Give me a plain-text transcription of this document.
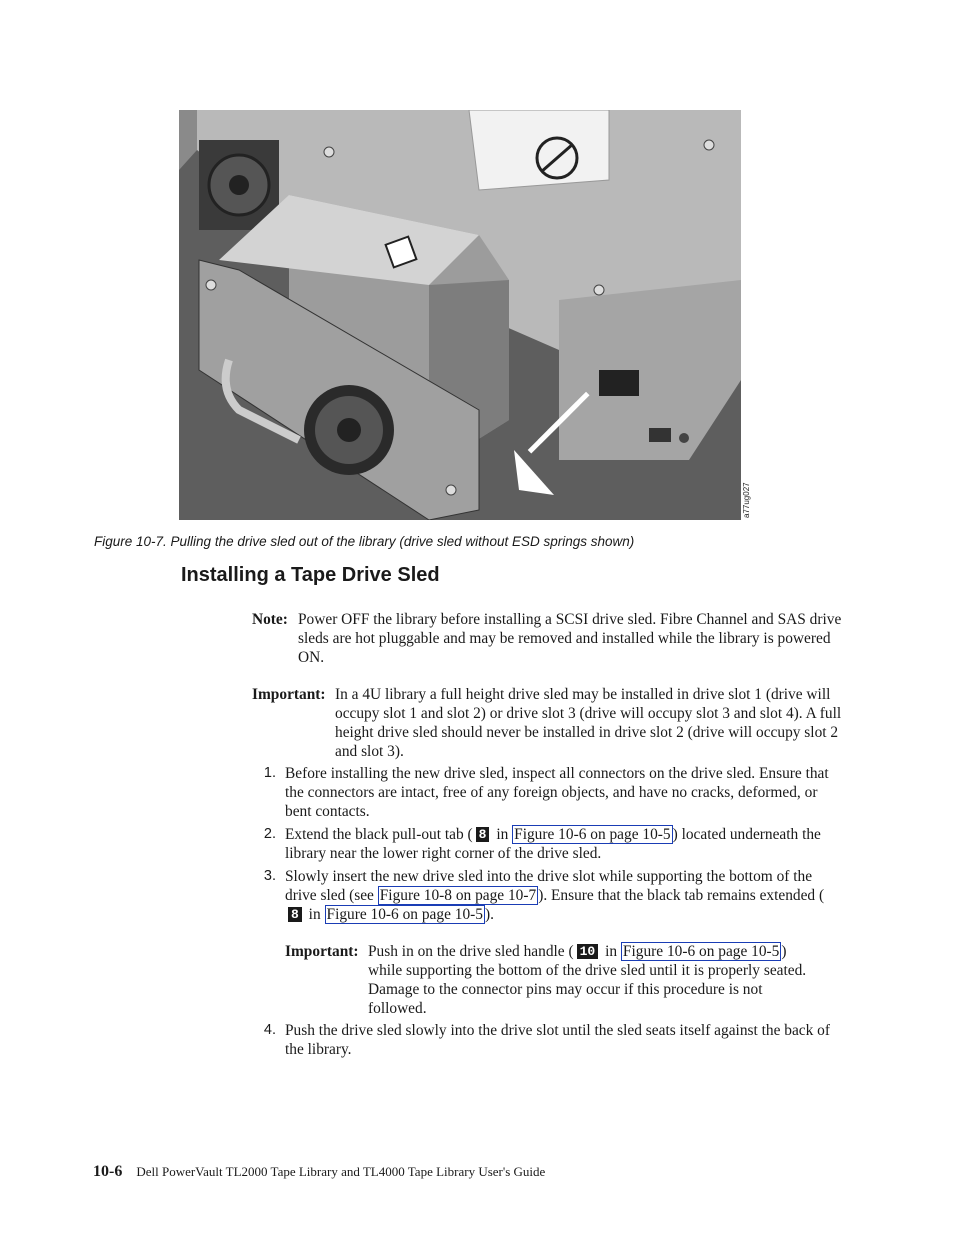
a77ug027
Figure 10-7. Pulling the drive sled out of the library (drive sled without ESD springs shown)
Installing a Tape Drive Sled
Note: Power OFF the library before installing a SCSI drive sled. Fibre Channel and SAS drive sleds are hot pluggable and may be removed and installed while the library is powered ON.
Important: In a 4U library a full height drive sled may be installed in drive slot 1 (drive will occupy slot 1 and slot 2) or drive slot 3 (drive will occupy slot 3 and slot 4). A full height drive sled should never be installed in drive slot 2 (drive will occupy slot 2 and slot 3).
1. Before installing the new drive sled, inspect all connectors on the drive sled. Ensure that the connectors are intact, free of any foreign objects, and have no cracks, deformed, or bent contacts.
2. Extend the black pull-out tab ( 8 in Figure 10-6 on page 10-5 ) located underneath the library near the lower right corner of the drive sled.
3. Slowly insert the new drive sled into the drive slot while supporting the bottom of the drive sled (see Figure 10-8 on page 10-7 ). Ensure that the black tab remains extended (8 in Figure 10-6 on page 10-5 ).
Important: Push in on the drive sled handle ( 10 in Figure 10-6 on page 10-5 ) while supporting the bottom of the drive sled until it is properly seated. Damage to the connector pins may occur if this procedure is not followed.
4. Push the drive sled slowly into the drive slot until the sled seats itself against the back of the library.
10-6 Dell PowerVault TL2000 Tape Library and TL4000 Tape Library User's Guide
